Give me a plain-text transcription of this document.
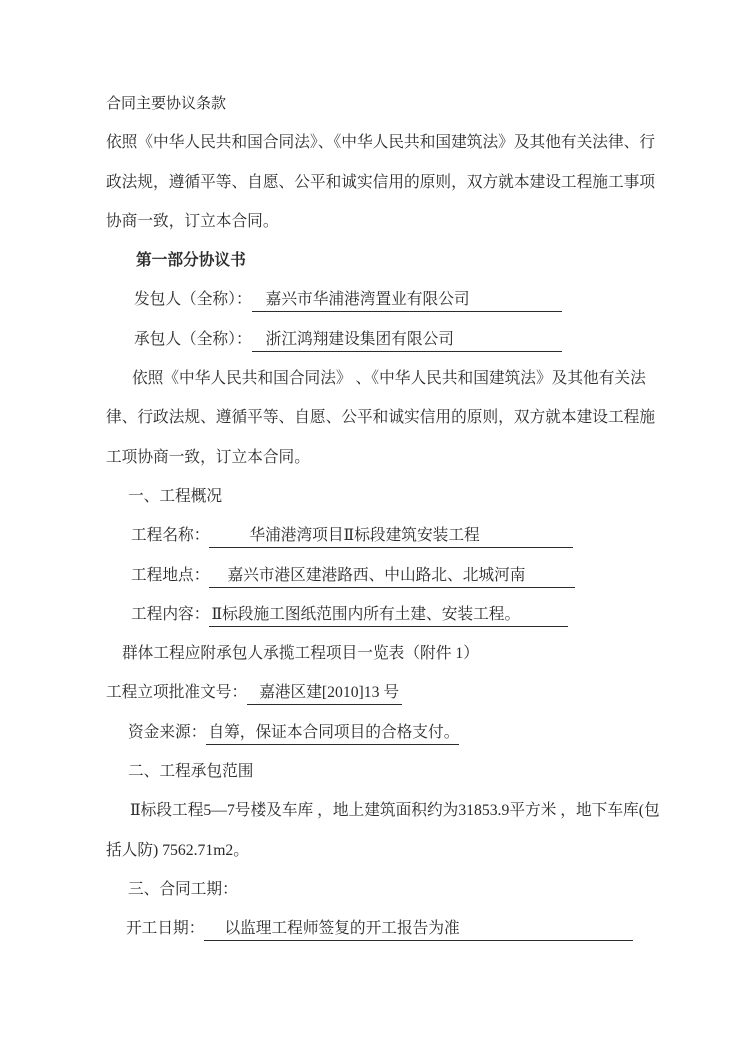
合同主要协议条款
依照《中华人民共和国合同法》、《中华人民共和国建筑法》及其他有关法律、行
政法规，遵循平等、自愿、公平和诚实信用的原则，双方就本建设工程施工事项
协商一致，订立本合同。
第一部分协议书
发包人（全称）： 嘉兴市华浦港湾置业有限公司
承包人（全称）： 浙江鸿翔建设集团有限公司
依照《中华人民共和国合同法》 、《中华人民共和国建筑法》及其他有关法
律、行政法规、遵循平等、自愿、公平和诚实信用的原则，双方就本建设工程施
工项协商一致，订立本合同。
一、工程概况
工程名称：	华浦港湾项目Ⅱ标段建筑安装工程
工程地点： 嘉兴市港区建港路西、中山路北、北城河南
工程内容： Ⅱ标段施工图纸范围内所有土建、安装工程。
群体工程应附承包人承揽工程项目一览表（附件 1）
工程立项批准文号： 嘉港区建[2010]13 号
资金来源： 自筹，保证本合同项目的合格支付。
二、工程承包范围
Ⅱ标段工程5—7号楼及车库 ，地上建筑面积约为31853.9平方米 ，地下车库(包
括人防) 7562.71m2。
三、合同工期：
开工日期： 以监理工程师签复的开工报告为准
